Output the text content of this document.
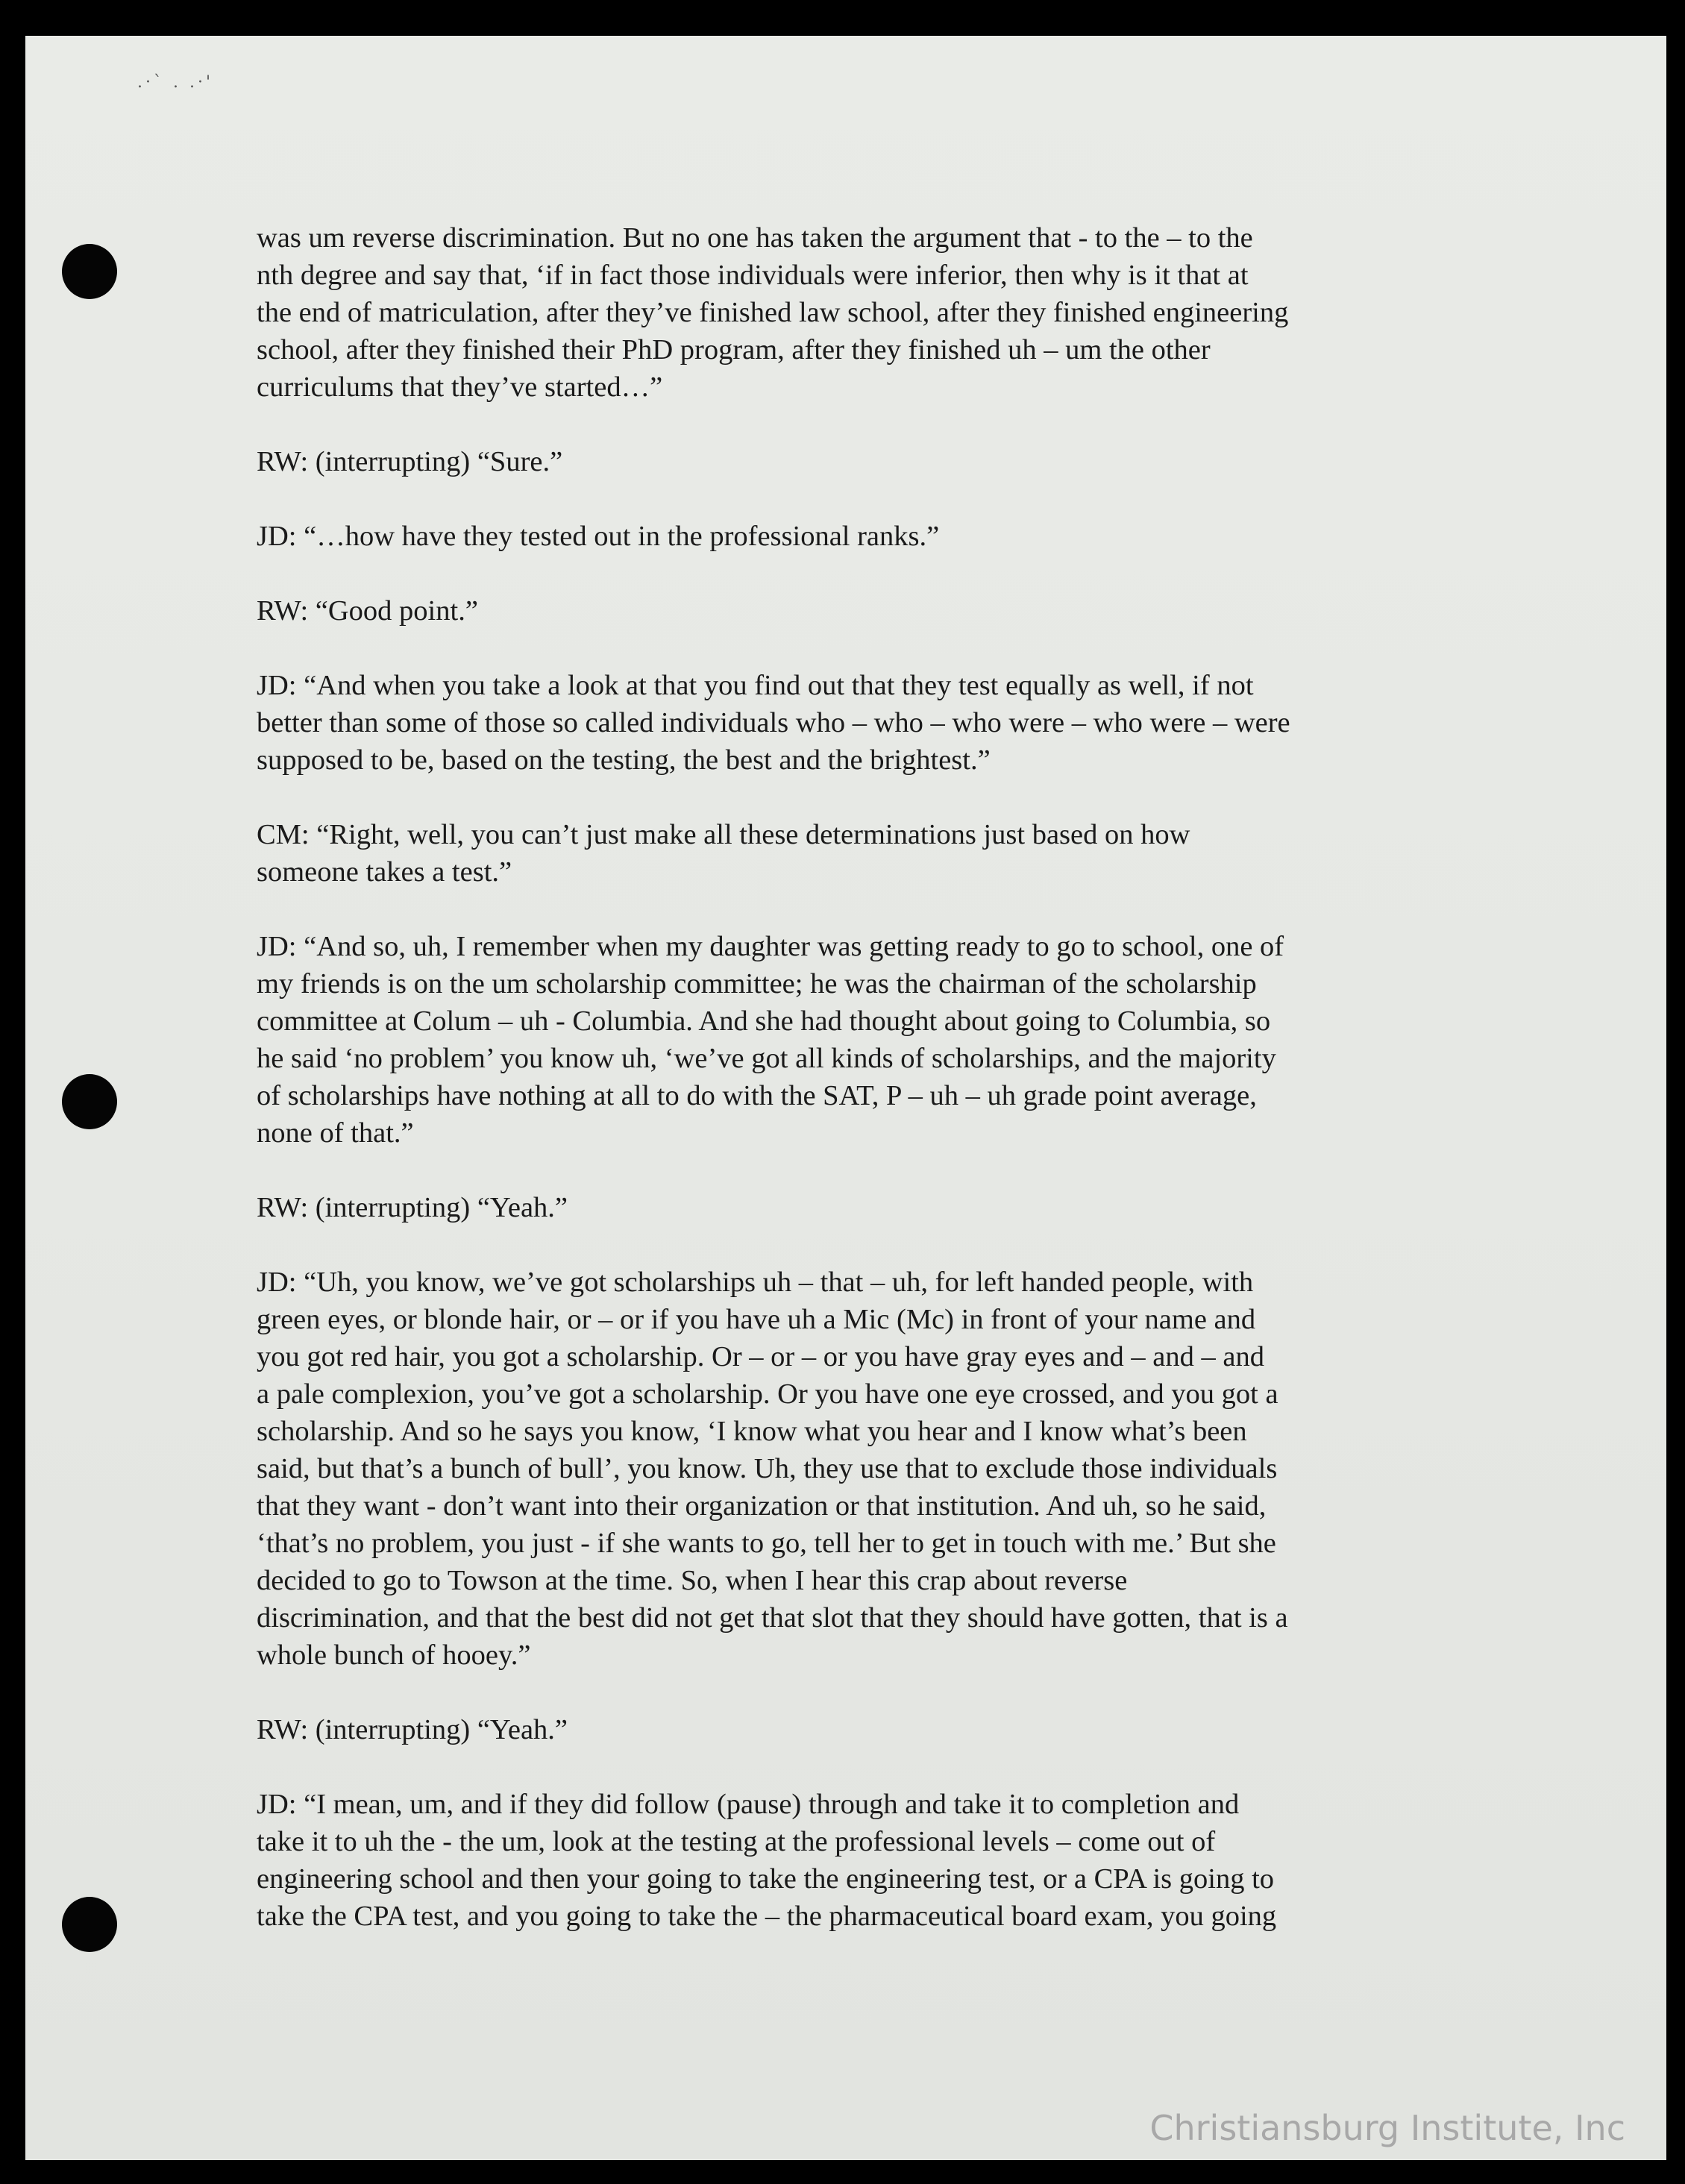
.·` . .·'

was um reverse discrimination. But no one has taken the argument that - to the – to the
nth degree and say that, ‘if in fact those individuals were inferior, then why is it that at
the end of matriculation, after they’ve finished law school, after they finished engineering
school, after they finished their PhD program, after they finished uh – um the other
curriculums that they’ve started…”

RW: (interrupting) “Sure.”

JD: “…how have they tested out in the professional ranks.”

RW: “Good point.”

JD: “And when you take a look at that you find out that they test equally as well, if not
better than some of those so called individuals who – who – who were – who were – were
supposed to be, based on the testing, the best and the brightest.”

CM: “Right, well, you can’t just make all these determinations just based on how
someone takes a test.”

JD: “And so, uh, I remember when my daughter was getting ready to go to school, one of
my friends is on the um scholarship committee; he was the chairman of the scholarship
committee at Colum – uh - Columbia. And she had thought about going to Columbia, so
he said ‘no problem’ you know uh, ‘we’ve got all kinds of scholarships, and the majority
of scholarships have nothing at all to do with the SAT, P – uh – uh grade point average,
none of that.”

RW: (interrupting) “Yeah.”

JD: “Uh, you know, we’ve got scholarships uh – that – uh, for left handed people, with
green eyes, or blonde hair, or – or if you have uh a Mic (Mc) in front of your name and
you got red hair, you got a scholarship. Or – or – or you have gray eyes and – and – and
a pale complexion, you’ve got a scholarship. Or you have one eye crossed, and you got a
scholarship. And so he says you know, ‘I know what you hear and I know what’s been
said, but that’s a bunch of bull’, you know. Uh, they use that to exclude those individuals
that they want - don’t want into their organization or that institution. And uh, so he said,
‘that’s no problem, you just - if she wants to go, tell her to get in touch with me.’ But she
decided to go to Towson at the time. So, when I hear this crap about reverse
discrimination, and that the best did not get that slot that they should have gotten, that is a
whole bunch of hooey.”

RW: (interrupting) “Yeah.”

JD: “I mean, um, and if they did follow (pause) through and take it to completion and
take it to uh the - the um, look at the testing at the professional levels – come out of
engineering school and then your going to take the engineering test, or a CPA is going to
take the CPA test, and you going to take the – the pharmaceutical board exam, you going

Christiansburg Institute, Inc
